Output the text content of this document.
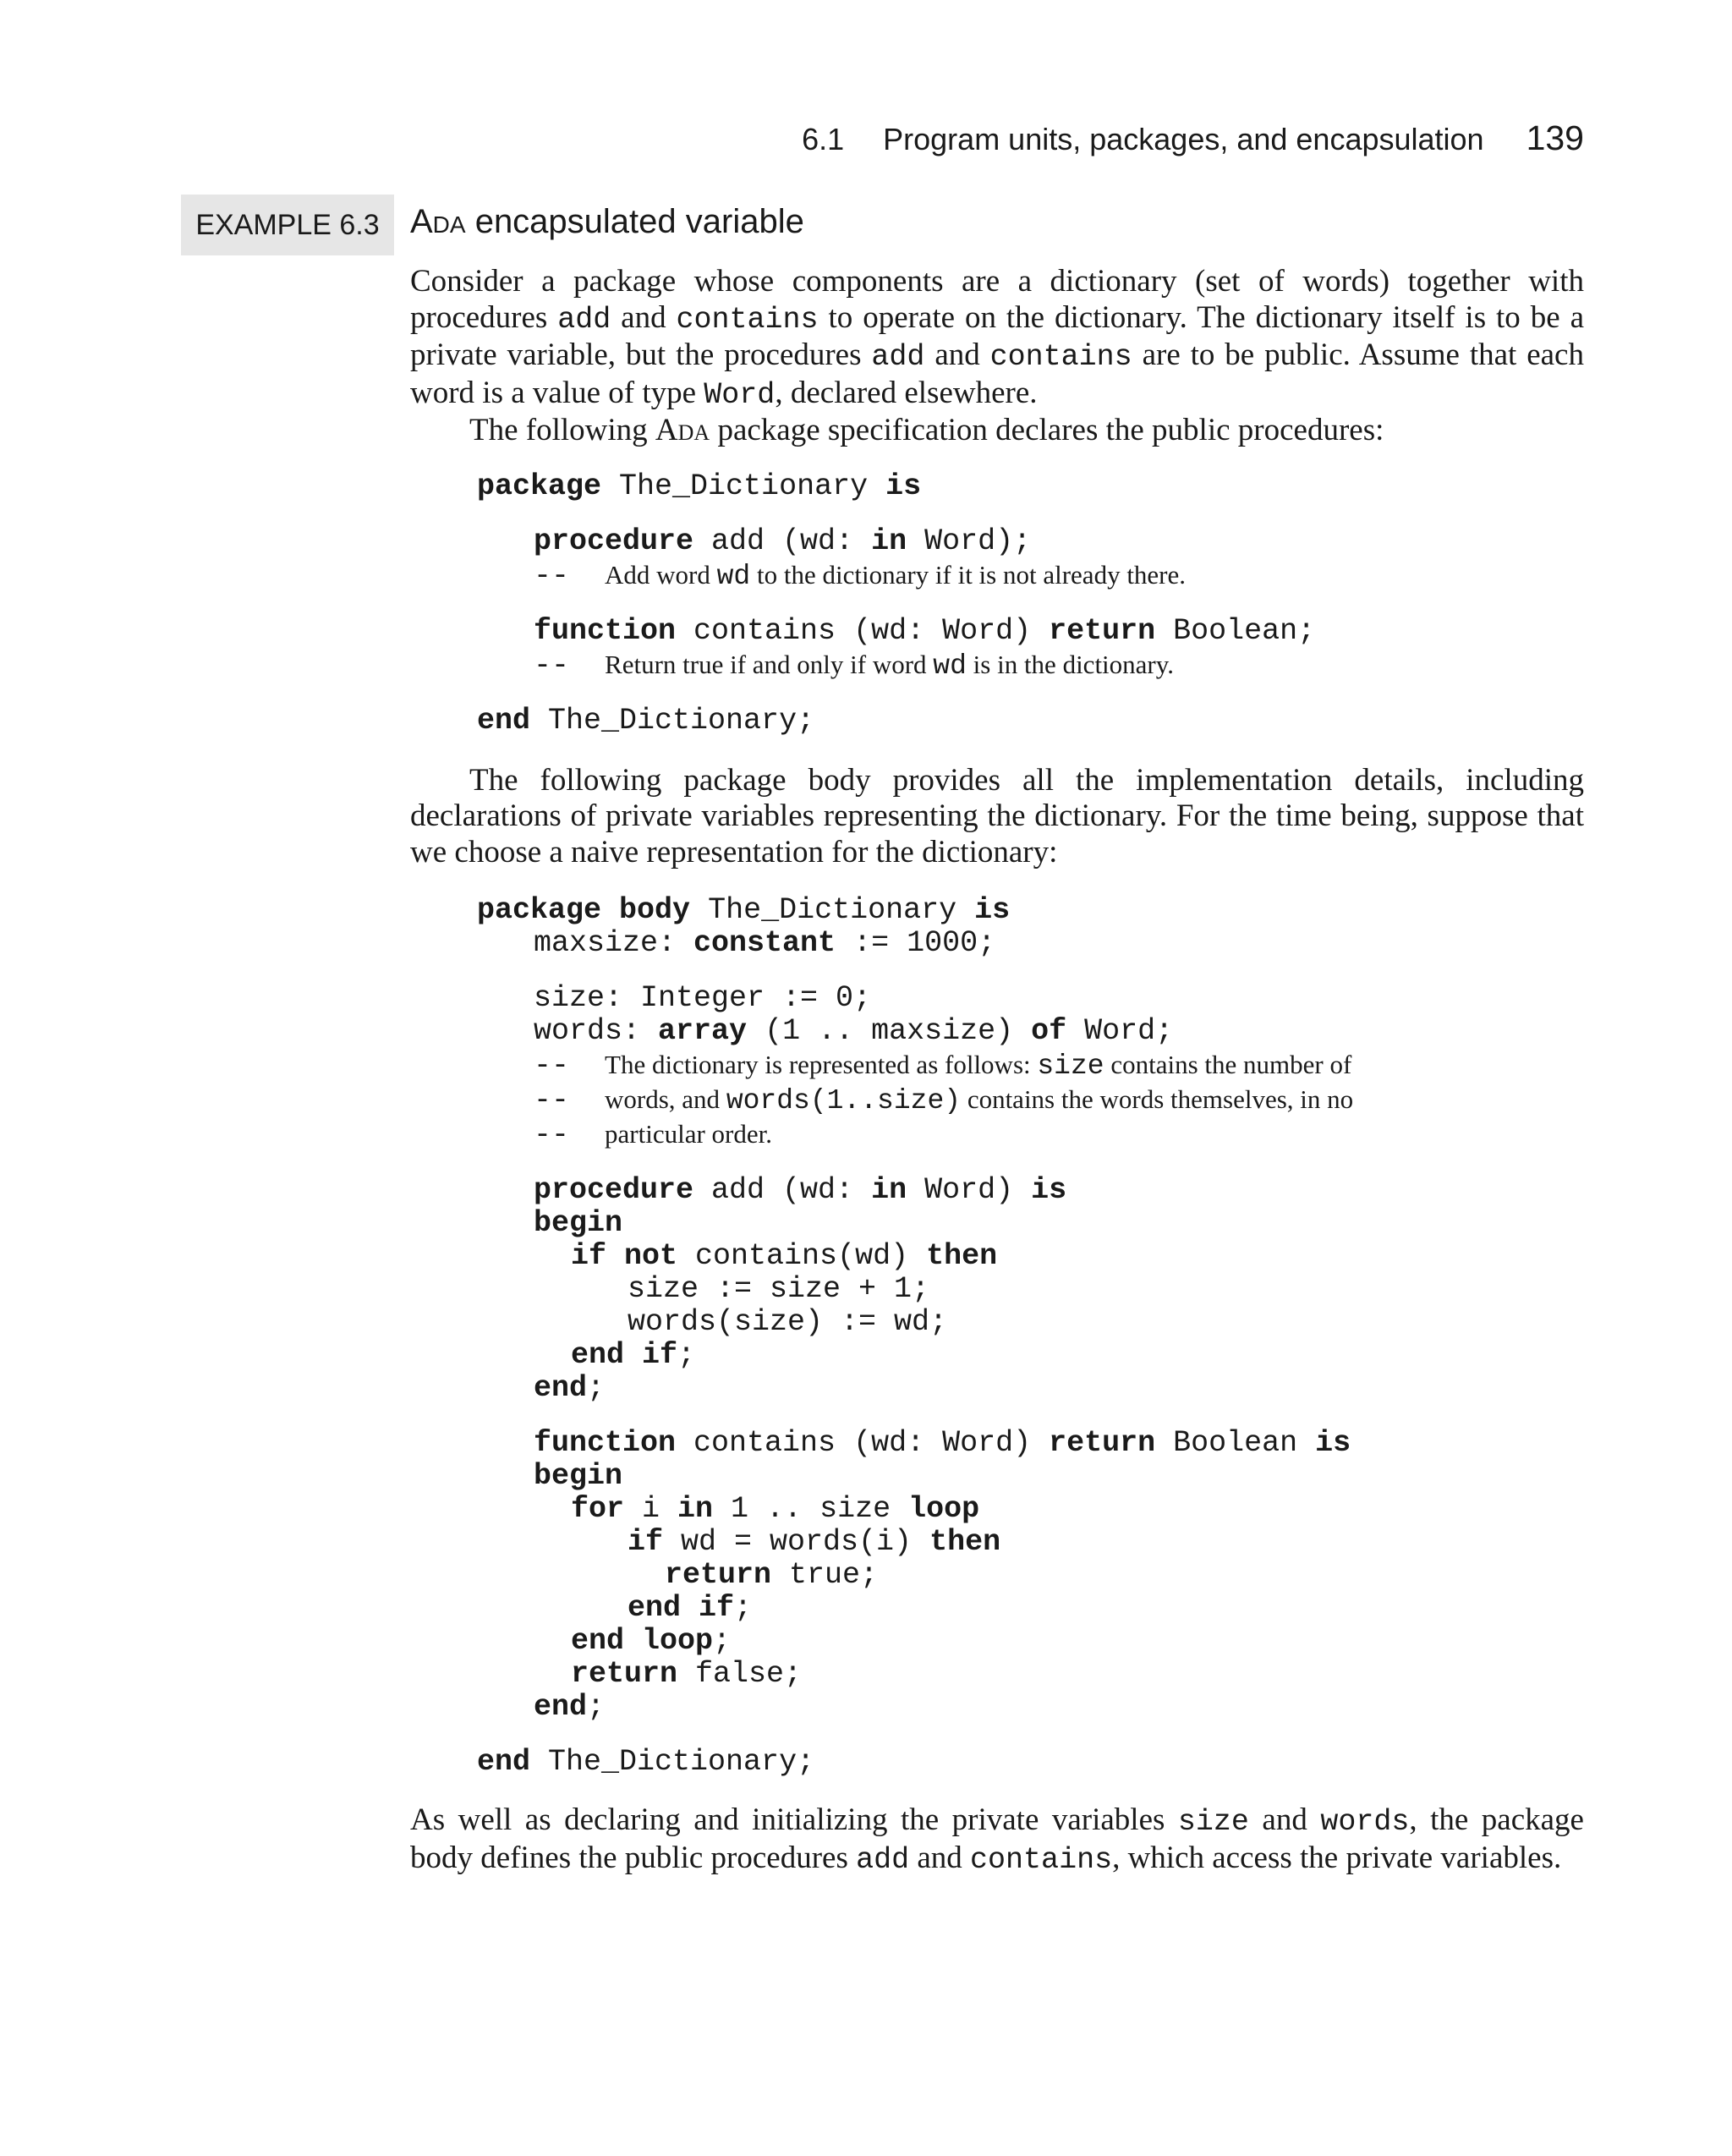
6.1 Program units, packages, and encapsulation 139
EXAMPLE 6.3 Ada encapsulated variable

Consider a package whose components are a dictionary (set of words) together with procedures add and contains to operate on the dictionary. The dictionary itself is to be a private variable, but the procedures add and contains are to be public. Assume that each word is a value of type Word, declared elsewhere.

The following Ada package specification declares the public procedures:

package The_Dictionary is
procedure add (wd: in Word);
--  Add word wd to the dictionary if it is not already there.
function contains (wd: Word) return Boolean;
--  Return true if and only if word wd is in the dictionary.
end The_Dictionary;

The following package body provides all the implementation details, including declarations of private variables representing the dictionary. For the time being, suppose that we choose a naive representation for the dictionary:

package body The_Dictionary is
maxsize: constant := 1000;
size: Integer := 0;
words: array (1 .. maxsize) of Word;
--  The dictionary is represented as follows: size contains the number of
--  words, and words(1..size) contains the words themselves, in no
--  particular order.
procedure add (wd: in Word) is
begin
if not contains(wd) then
size := size + 1;
words(size) := wd;
end if;
end;
function contains (wd: Word) return Boolean is
begin
for i in 1 .. size loop
if wd = words(i) then
return true;
end if;
end loop;
return false;
end;
end The_Dictionary;

As well as declaring and initializing the private variables size and words, the package body defines the public procedures add and contains, which access the private variables.
